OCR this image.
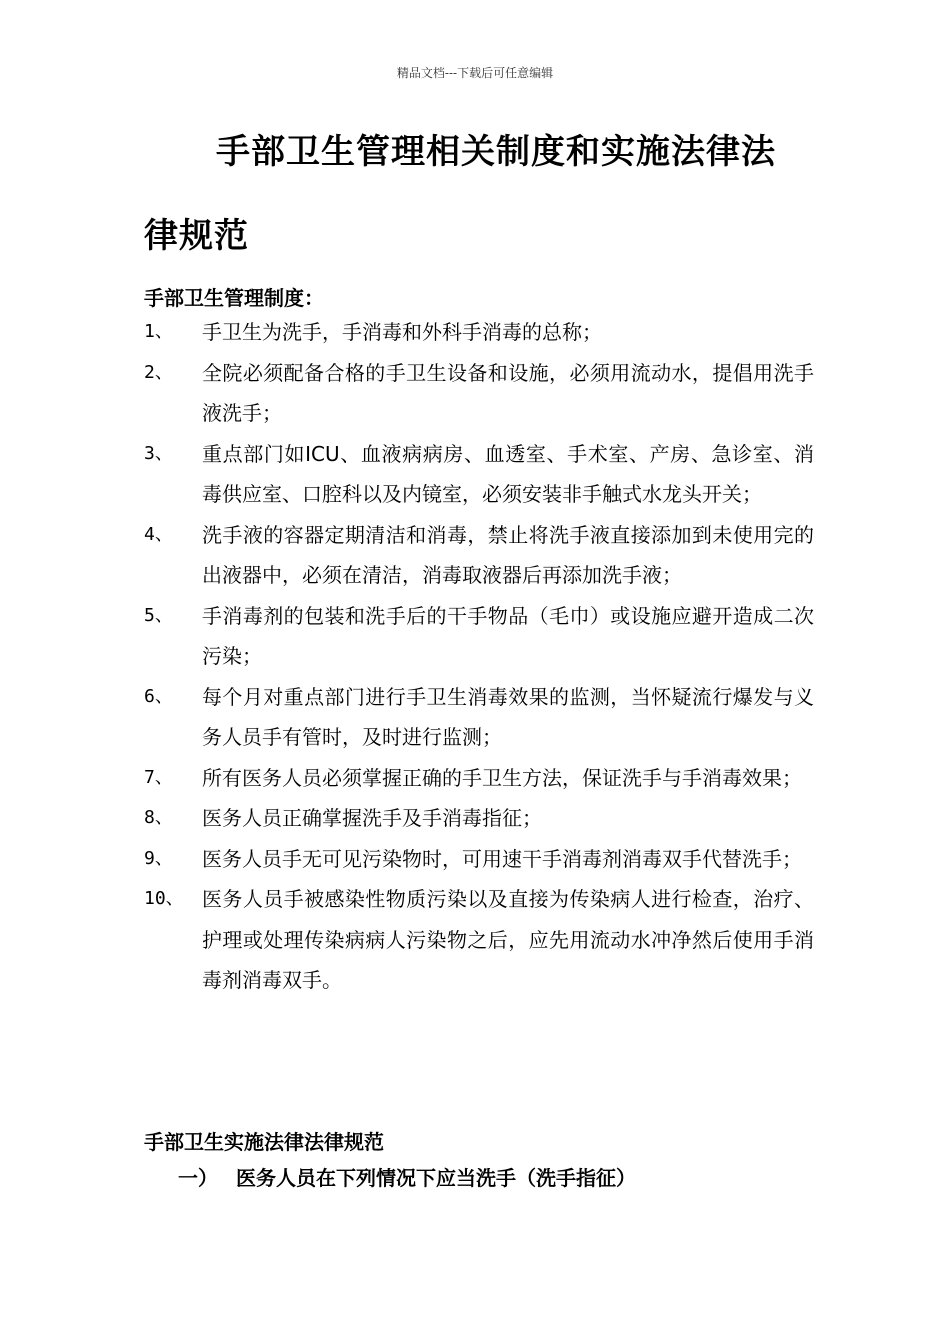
精品文档---下载后可任意编辑
手部卫生管理相关制度和实施法律法
律规范
手部卫生管理制度：
1、	手卫生为洗手，手消毒和外科手消毒的总称；
2、	全院必须配备合格的手卫生设备和设施，必须用流动水，提倡用洗手液洗手；
3、	重点部门如ICU、血液病病房、血透室、手术室、产房、急诊室、消毒供应室、口腔科以及内镜室，必须安装非手触式水龙头开关；
4、	洗手液的容器定期清洁和消毒，禁止将洗手液直接添加到未使用完的出液器中，必须在清洁，消毒取液器后再添加洗手液；
5、	手消毒剂的包装和洗手后的干手物品（毛巾）或设施应避开造成二次污染；
6、	每个月对重点部门进行手卫生消毒效果的监测，当怀疑流行爆发与义务人员手有管时，及时进行监测；
7、	所有医务人员必须掌握正确的手卫生方法，保证洗手与手消毒效果；
8、	医务人员正确掌握洗手及手消毒指征；
9、	医务人员手无可见污染物时，可用速干手消毒剂消毒双手代替洗手；
10、 医务人员手被感染性物质污染以及直接为传染病人进行检查，治疗、护理或处理传染病病人污染物之后，应先用流动水冲净然后使用手消毒剂消毒双手。
手部卫生实施法律法律规范
一） 医务人员在下列情况下应当洗手（洗手指征）
